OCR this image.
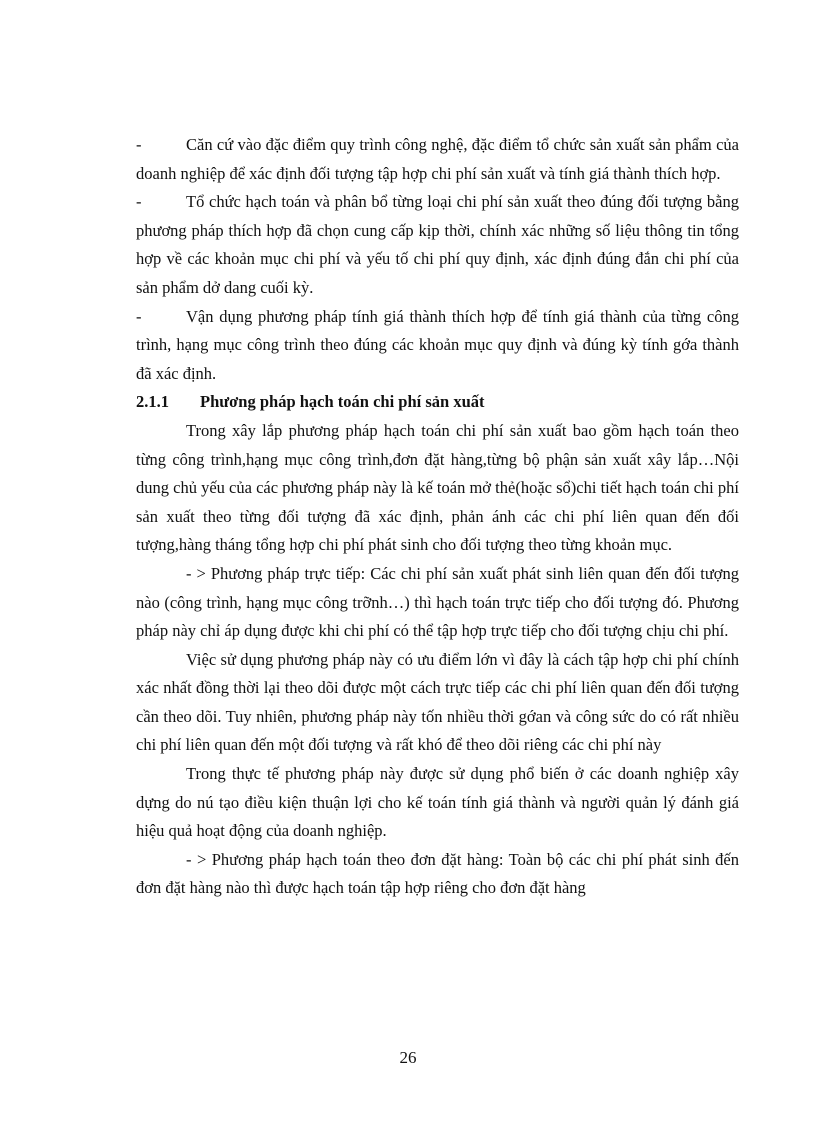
-	Căn cứ vào đặc điểm quy trình công nghệ, đặc điểm tổ chức sản xuất sản phẩm của doanh nghiệp để xác định đối tượng tập hợp chi phí sản xuất và tính giá thành thích hợp.

-	Tổ chức hạch toán và phân bổ từng loại chi phí sản xuất theo đúng đối tượng bằng phương pháp thích hợp đã chọn cung cấp kịp thời, chính xác những số liệu thông tin tổng hợp về các khoản mục chi phí và yếu tố chi phí quy định, xác định đúng đắn chi phí của sản phẩm dở dang cuối kỳ.

-	Vận dụng phương pháp tính giá thành thích hợp để tính giá thành của từng công trình, hạng mục công trình theo đúng các khoản mục quy định và đúng kỳ tính gớa thành đã xác định.

2.1.1 Phương pháp hạch toán chi phí sản xuất

Trong xây lắp phương pháp hạch toán chi phí sản xuất bao gồm hạch toán theo từng công trình,hạng mục công trình,đơn đặt hàng,từng bộ phận sản xuất xây lắp…Nội dung chủ yếu của các phương pháp này là kế toán mở thẻ(hoặc sổ)chi tiết hạch toán chi phí sản xuất theo từng đối tượng đã xác định, phản ánh các chi phí liên quan đến đối tượng,hàng tháng tổng hợp chi phí phát sinh cho đối tượng theo từng khoản mục.

- > Phương pháp trực tiếp: Các chi phí sản xuất phát sinh liên quan đến đối tượng nào (công trình, hạng mục công trỡnh…) thì hạch toán trực tiếp cho đối tượng đó. Phương pháp này chỉ áp dụng được khi chi phí có thể tập hợp trực tiếp cho đối tượng chịu chi phí.

Việc sử dụng phương pháp này có ưu điểm lớn vì đây là cách tập hợp chi phí chính xác nhất đồng thời lại theo dõi được một cách trực tiếp các chi phí liên quan đến đối tượng cần theo dõi. Tuy nhiên, phương pháp này tốn nhiều thời gớan và công sức do có rất nhiều chi phí liên quan đến một đối tượng và rất khó để theo dõi riêng các chi phí này

Trong thực tế phương pháp này được sử dụng phổ biến ở các doanh nghiệp xây dựng do nú tạo điều kiện thuận lợi cho kế toán tính giá thành và người quản lý đánh giá hiệu quả hoạt động của doanh nghiệp.

- > Phương pháp hạch toán theo đơn đặt hàng: Toàn bộ các chi phí phát sinh đến đơn đặt hàng nào thì được hạch toán tập hợp riêng cho đơn đặt hàng

26
